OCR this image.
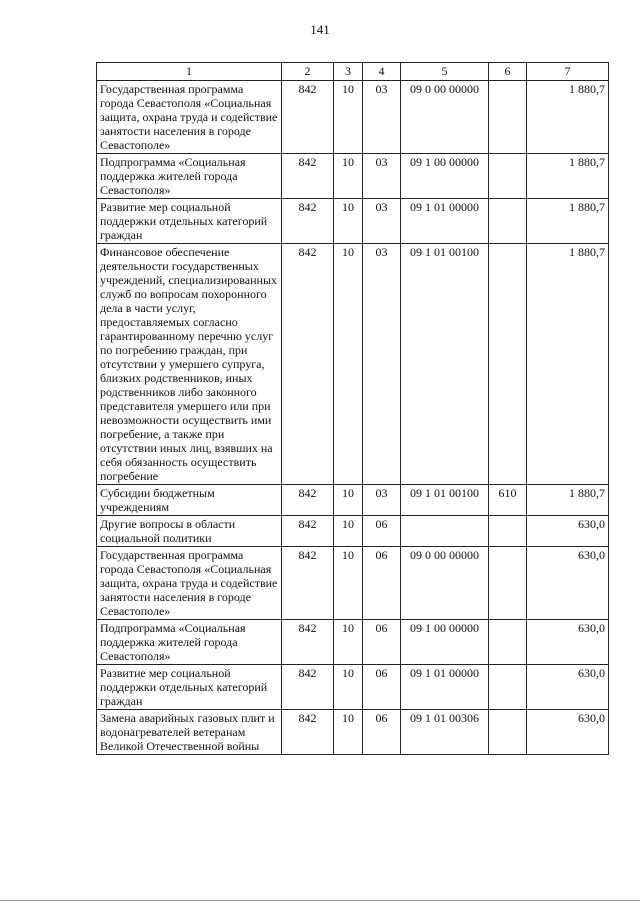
141
1	2	3	4	5	6	7
Государственная программа города Севастополя «Социальная защита, охрана труда и содействие занятости населения в городе Севастополе»	842	10	03	09 0 00 00000		1 880,7
Подпрограмма «Социальная поддержка жителей города Севастополя»	842	10	03	09 1 00 00000		1 880,7
Развитие мер социальной поддержки отдельных категорий граждан	842	10	03	09 1 01 00000		1 880,7
Финансовое обеспечение деятельности государственных учреждений, специализированных служб по вопросам похоронного дела в части услуг, предоставляемых согласно гарантированному перечню услуг по погребению граждан, при отсутствии у умершего супруга, близких родственников, иных родственников либо законного представителя умершего или при невозможности осуществить ими погребение, а также при отсутствии иных лиц, взявших на себя обязанность осуществить погребение	842	10	03	09 1 01 00100		1 880,7
Субсидии бюджетным учреждениям	842	10	03	09 1 01 00100	610	1 880,7
Другие вопросы в области социальной политики	842	10	06			630,0
Государственная программа города Севастополя «Социальная защита, охрана труда и содействие занятости населения в городе Севастополе»	842	10	06	09 0 00 00000		630,0
Подпрограмма «Социальная поддержка жителей города Севастополя»	842	10	06	09 1 00 00000		630,0
Развитие мер социальной поддержки отдельных категорий граждан	842	10	06	09 1 01 00000		630,0
Замена аварийных газовых плит и водонагревателей ветеранам Великой Отечественной войны	842	10	06	09 1 01 00306		630,0
